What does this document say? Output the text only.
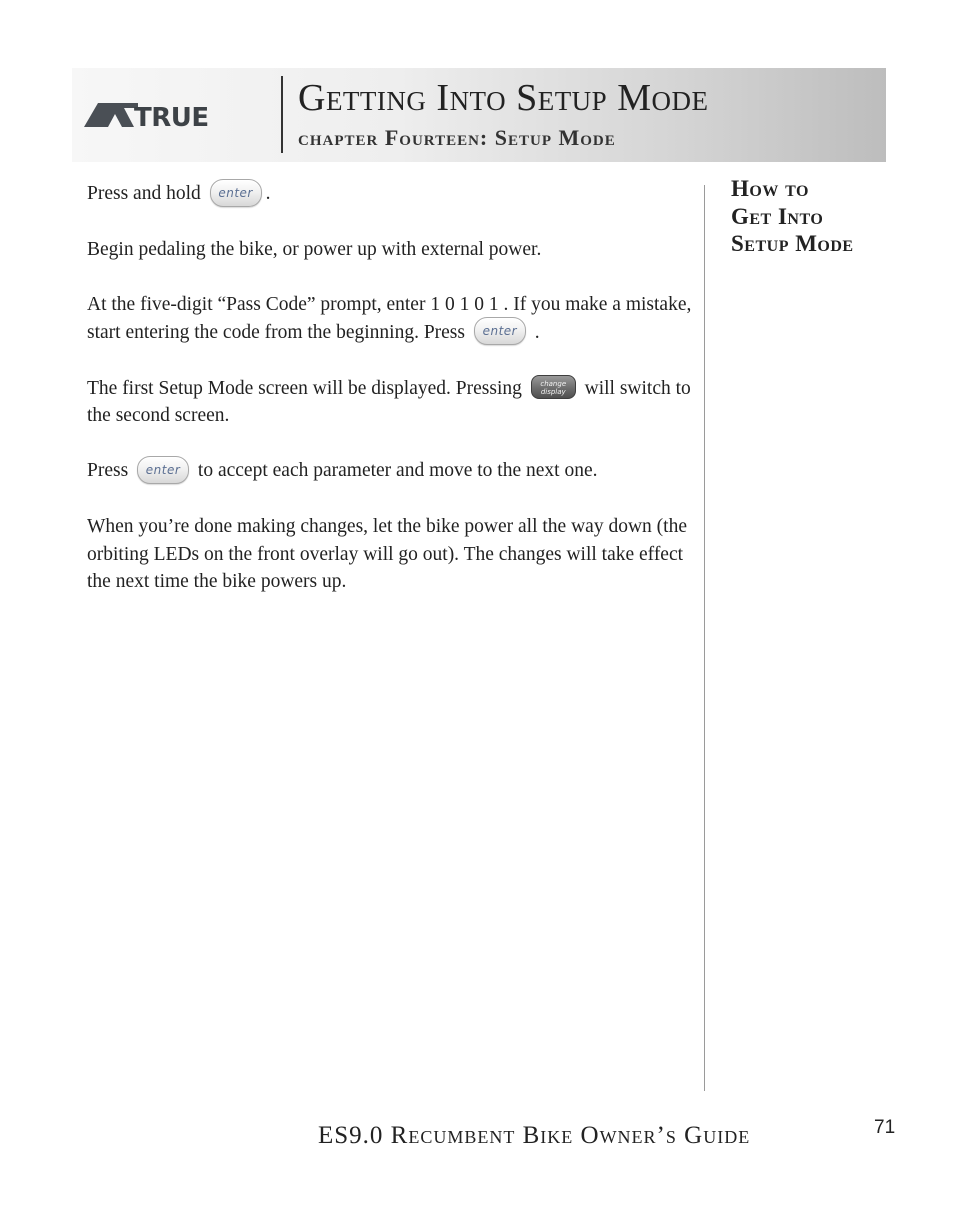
TRUE Getting Into Setup Mode
chapter Fourteen: Setup Mode

Press and hold enter .

Begin pedaling the bike, or power up with external power.

At the five-digit “Pass Code” prompt, enter 1 0 1 0 1 . If you make a mistake, start entering the code from the beginning. Press enter .

The first Setup Mode screen will be displayed. Pressing	change
display will switch to the second screen.

Press enter to accept each parameter and move to the next one.

When you’re done making changes, let the bike power all the way down (the orbiting LEDs on the front overlay will go out). The changes will take effect the next time the bike powers up.

How to
Get Into
Setup Mode
ES9.0 Recumbent Bike Owner’s Guide	71
